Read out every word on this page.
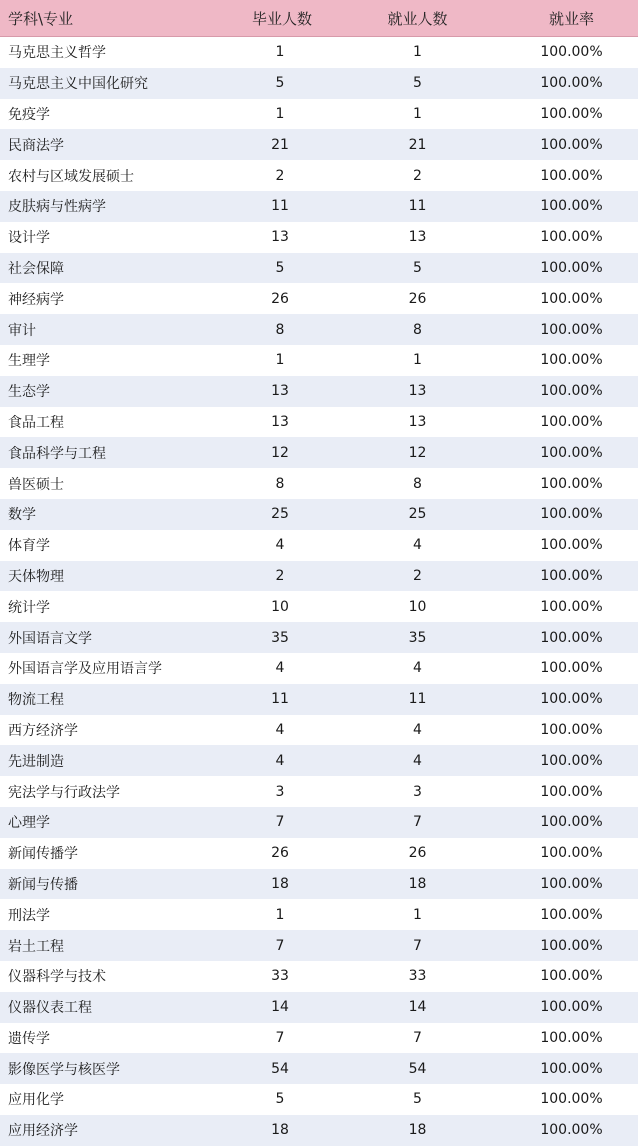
学科\专业	毕业人数	就业人数	就业率
马克思主义哲学	1	1	100.00%
马克思主义中国化研究	5	5	100.00%
免疫学	1	1	100.00%
民商法学	21	21	100.00%
农村与区域发展硕士	2	2	100.00%
皮肤病与性病学	11	11	100.00%
设计学	13	13	100.00%
社会保障	5	5	100.00%
神经病学	26	26	100.00%
审计	8	8	100.00%
生理学	1	1	100.00%
生态学	13	13	100.00%
食品工程	13	13	100.00%
食品科学与工程	12	12	100.00%
兽医硕士	8	8	100.00%
数学	25	25	100.00%
体育学	4	4	100.00%
天体物理	2	2	100.00%
统计学	10	10	100.00%
外国语言文学	35	35	100.00%
外国语言学及应用语言学	4	4	100.00%
物流工程	11	11	100.00%
西方经济学	4	4	100.00%
先进制造	4	4	100.00%
宪法学与行政法学	3	3	100.00%
心理学	7	7	100.00%
新闻传播学	26	26	100.00%
新闻与传播	18	18	100.00%
刑法学	1	1	100.00%
岩土工程	7	7	100.00%
仪器科学与技术	33	33	100.00%
仪器仪表工程	14	14	100.00%
遗传学	7	7	100.00%
影像医学与核医学	54	54	100.00%
应用化学	5	5	100.00%
应用经济学	18	18	100.00%
